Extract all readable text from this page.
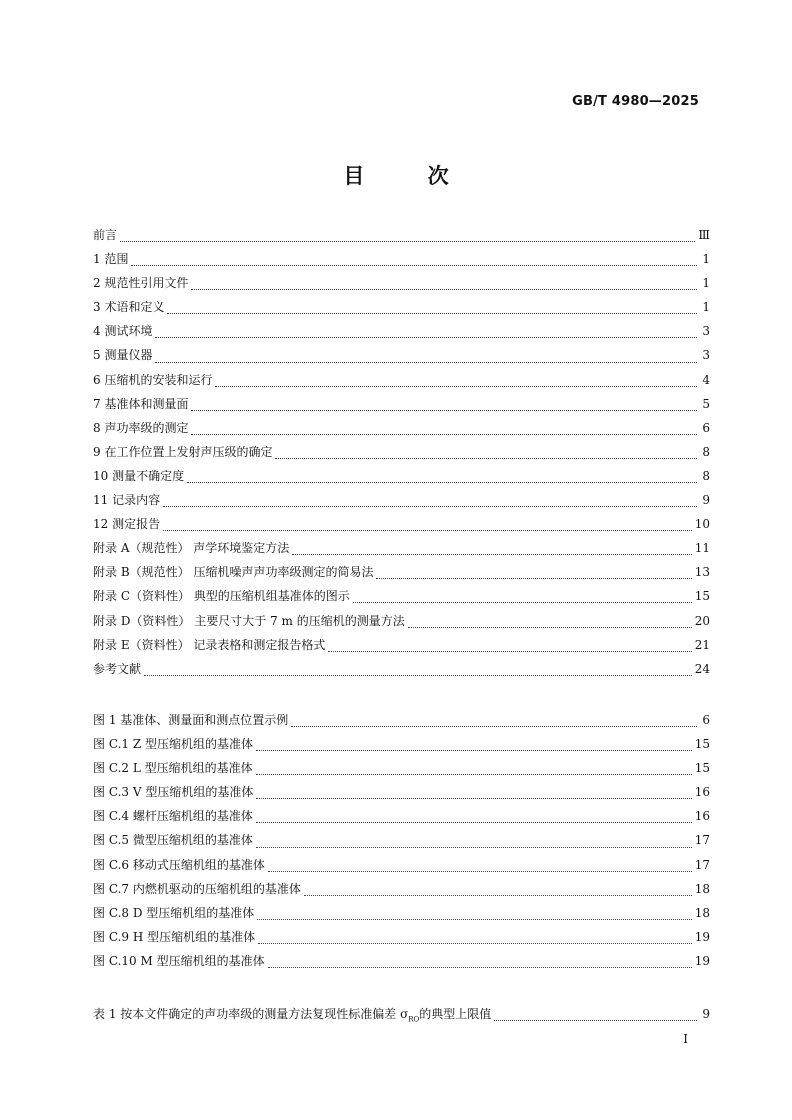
GB/T 4980—2025
目 次
前言	Ⅲ
1 范围	1
2 规范性引用文件	1
3 术语和定义	1
4 测试环境	3
5 测量仪器	3
6 压缩机的安装和运行	4
7 基准体和测量面	5
8 声功率级的测定	6
9 在工作位置上发射声压级的确定	8
10 测量不确定度	8
11 记录内容	9
12 测定报告	10
附录 A（规范性） 声学环境鉴定方法	11
附录 B（规范性） 压缩机噪声声功率级测定的简易法	13
附录 C（资料性） 典型的压缩机组基准体的图示	15
附录 D（资料性） 主要尺寸大于 7 m 的压缩机的测量方法	20
附录 E（资料性） 记录表格和测定报告格式	21
参考文献	24
图 1 基准体、测量面和测点位置示例	6
图 C.1 Z 型压缩机组的基准体	15
图 C.2 L 型压缩机组的基准体	15
图 C.3 V 型压缩机组的基准体	16
图 C.4 螺杆压缩机组的基准体	16
图 C.5 微型压缩机组的基准体	17
图 C.6 移动式压缩机组的基准体	17
图 C.7 内燃机驱动的压缩机组的基准体	18
图 C.8 D 型压缩机组的基准体	18
图 C.9 H 型压缩机组的基准体	19
图 C.10 M 型压缩机组的基准体	19
表 1 按本文件确定的声功率级的测量方法复现性标准偏差 $\sigma_{RO}$的典型上限值	9
I
